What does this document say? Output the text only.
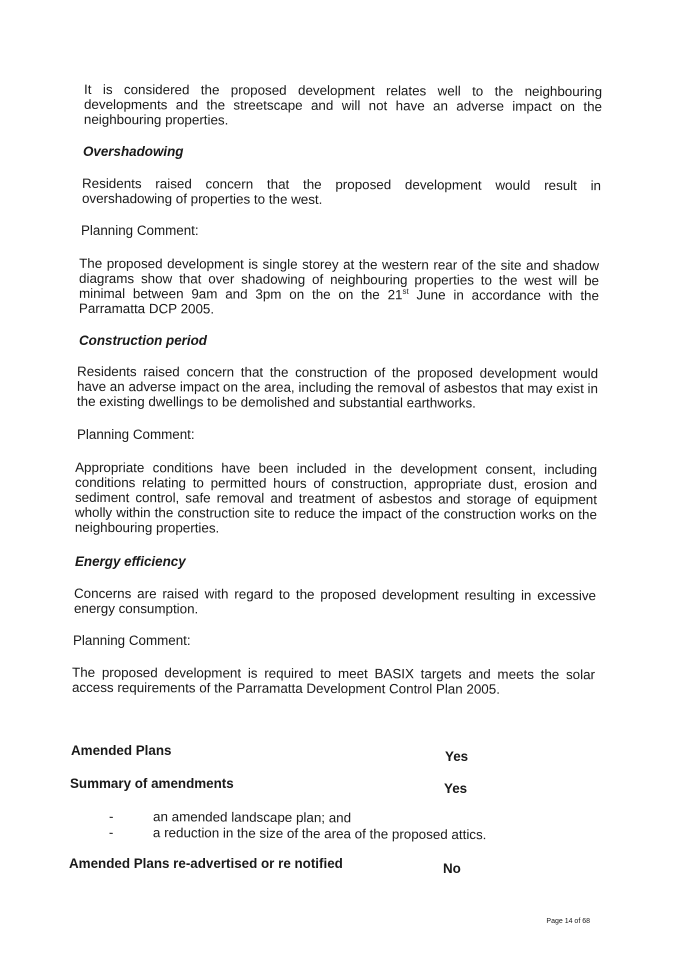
It is considered the proposed development relates well to the neighbouring developments and the streetscape and will not have an adverse impact on the neighbouring properties.
Overshadowing
Residents raised concern that the proposed development would result in overshadowing of properties to the west.
Planning Comment:
The proposed development is single storey at the western rear of the site and shadow diagrams show that over shadowing of neighbouring properties to the west will be minimal between 9am and 3pm on the on the 21st June in accordance with the Parramatta DCP 2005.
Construction period
Residents raised concern that the construction of the proposed development would have an adverse impact on the area, including the removal of asbestos that may exist in the existing dwellings to be demolished and substantial earthworks.
Planning Comment:
Appropriate conditions have been included in the development consent, including conditions relating to permitted hours of construction, appropriate dust, erosion and sediment control, safe removal and treatment of asbestos and storage of equipment wholly within the construction site to reduce the impact of the construction works on the neighbouring properties.
Energy efficiency
Concerns are raised with regard to the proposed development resulting in excessive energy consumption.
Planning Comment:
The proposed development is required to meet BASIX targets and meets the solar access requirements of the Parramatta Development Control Plan 2005.
Amended Plans	Yes
Summary of amendments	Yes
-	an amended landscape plan; and
-	a reduction in the size of the area of the proposed attics.
Amended Plans re-advertised or re notified	No
Page 14 of 68
